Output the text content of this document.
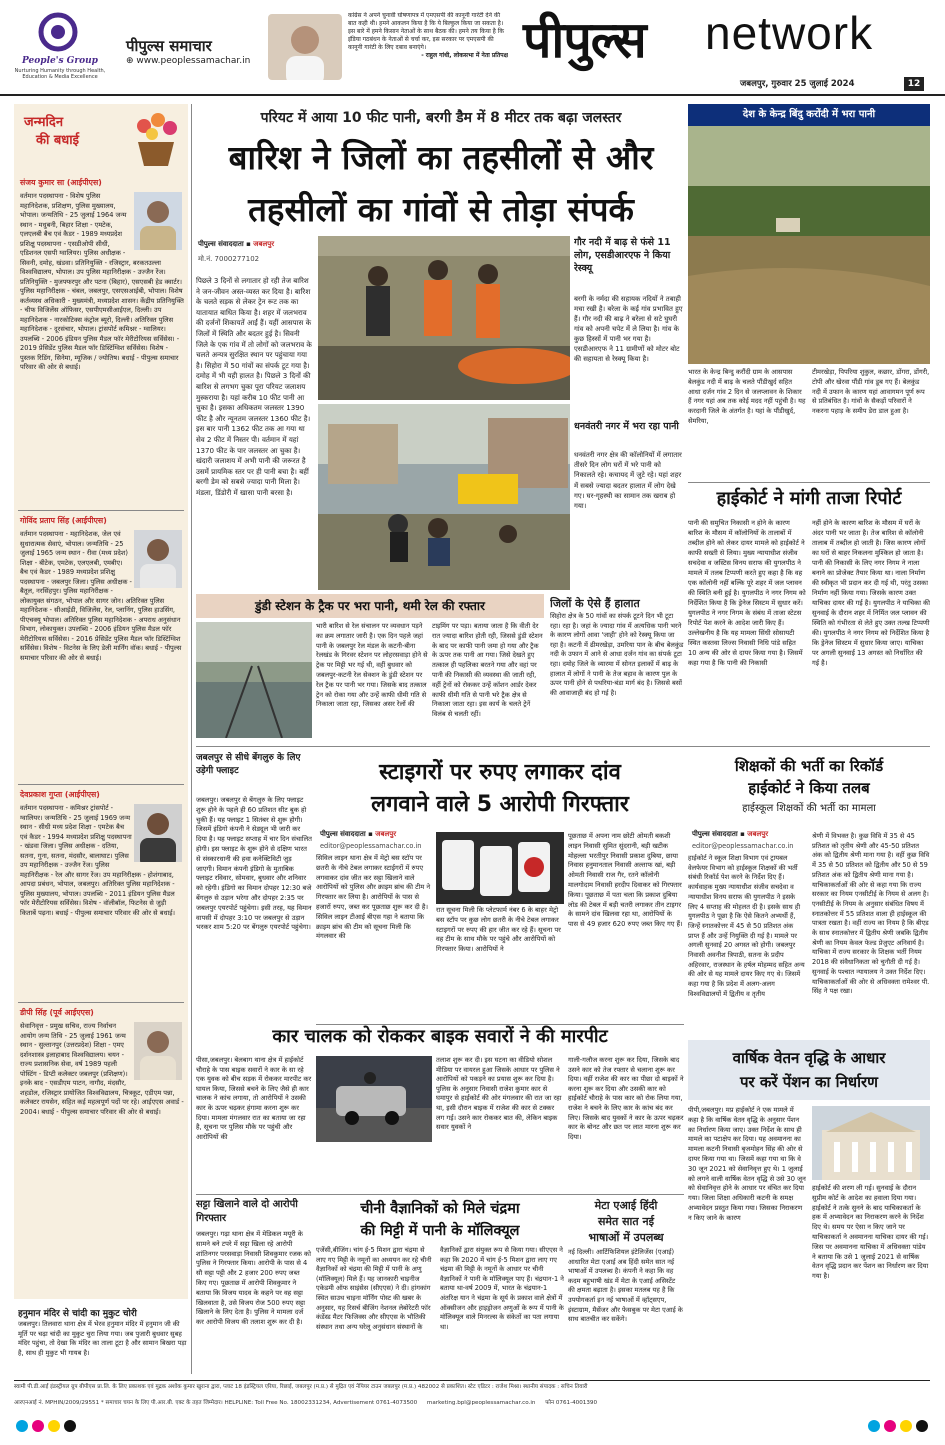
People's Group
Nurturing Humanity through Health, Education & Media Excellence
पीपुल्स समाचार
⊕ www.peoplessamachar.in
कांग्रेस ने अपने चुनावी घोषणापत्र में एमएसपी की कानूनी गारंटी देने की बात कही थी। हमने आकलन किया है कि ये बिल्कुल किया जा सकता है। इस बारे में हमने किसान नेताओं के साथ बैठक की। हमने तय किया है कि इंडिया गठबंधन के नेताओं से चर्चा कर, इस सरकार पर एमएसपी की कानूनी गारंटी के लिए दबाव बनाएंगे।
- राहुल गांधी, लोकसभा में नेता प्रतिपक्ष पीपुल्स network
जबलपुर, गुरुवार 25 जुलाई 2024	12
जन्मदिन
की बधाई
संजय कुमार सा (आईपीएस)
वर्तमान पदस्थापना - विशेष पुलिस महानिदेशक, प्रशिक्षण, पुलिस मुख्यालय, भोपाल। जन्मतिथि - 25 जुलाई 1964 जन्म स्थान - मधुबनी, बिहार शिक्षा - एमटेक, एलएलबी बैच एवं कैडर - 1989 मध्यप्रदेश प्रशिक्षु पदस्थापना - एसडीओपी सीधी, एडिशनल एसपी ग्वालियर। पुलिस अधीक्षक - सिवनी, दमोह, खंडवा। प्रतिनियुक्ति - रजिस्ट्रार, बरकतउल्ला विश्वविद्यालय, भोपाल। उप पुलिस महानिरीक्षक - उज्जैन रेंज। प्रतिनियुक्ति - मुजफ्फरपुर और पटना (बिहार), एसएसबी हेड क्वार्टर। पुलिस महानिरीक्षक - चंबल, जबलपुर, एसएसआईबी, भोपाल। विशेष कर्तव्यस्थ अधिकारी - मुख्यमंत्री, मध्यप्रदेश शासन। केंद्रीय प्रतिनियुक्ति - चीफ विजिलेंस ऑफिसर, एसपीएमसीआईएल, दिल्ली। उप महानिदेशक - नारकोटिक्स कंट्रोल ब्यूरो, दिल्ली। अतिरिक्त पुलिस महानिदेशक - दूरसंचार, भोपाल। ट्रांसपोर्ट कमिश्नर - ग्वालियर। उपलब्धि - 2006 इंडियन पुलिस मैडल फॉर मेरीटोरियस सर्विसेस। - 2019 प्रेसिडेंट पुलिस मैडल फॉर डिस्टिंग्विश सर्विसेस। विशेष - पुस्तक रिडिंग, सिनेमा, म्यूजिक / ज्योतिष। बधाई - पीपुल्स समाचार परिवार की ओर से बधाई।
गोविंद प्रताप सिंह (आईपीएस)
वर्तमान पदस्थापना - महानिदेशक, जेल एवं सुधारात्मक सेवाएं, भोपाल। जन्मतिथि - 25 जुलाई 1965 जन्म स्थान - रीवा (मध्य प्रदेश) शिक्षा - बीटेक, एमटेक, एलएलबी, एमबीए। बैच एवं कैडर - 1989 मध्यप्रदेश प्रशिक्षु पदस्थापना - जबलपुर जिला। पुलिस अधीक्षक - बैतूल, नरसिंहपुर। पुलिस महानिरीक्षक - लोकायुक्त संगठन, भोपाल और सागर जोन। अतिरिक्त पुलिस महानिदेशक - सीआईडी, विजिलेंस, रेल, प्लानिंग, पुलिस हाउसिंग, पीएचक्यू भोपाल। अतिरिक्त पुलिस महानिदेशक - अपराध अनुसंधान विभाग, लोकायुक्त। उपलब्धि - 2006 इंडियन पुलिस मैडल फॉर मेरीटोरियस सर्विसेस। - 2016 प्रेसिडेंट पुलिस मैडल फॉर डिस्टिंग्विश सर्विसेस। विशेष - विटनेस के लिए डेली मार्निंग वॉक। बधाई - पीपुल्स समाचार परिवार की ओर से बधाई।
देवप्रकाश गुप्ता (आईपीएस)
वर्तमान पदस्थापना - कमिश्नर ट्रांसपोर्ट - ग्वालियर। जन्मतिथि - 25 जुलाई 1969 जन्म स्थान - सीधी मध्य प्रदेश शिक्षा - एमटेक बैच एवं कैडर - 1994 मध्यप्रदेश प्रशिक्षु पदस्थापना - खंडवा जिला। पुलिस अधीक्षक - दतिया, सतना, गुना, सतना, मंदसौर, बालाघाट। पुलिस उप महानिरीक्षक - उज्जैन रेंज। पुलिस महानिरीक्षक - रेल और सागर रेंज। उप महानिरीक्षक - होशंगाबाद, आपदा प्रबंधन, भोपाल, जबलपुर। अतिरिक्त पुलिस महानिदेशक - पुलिस मुख्यालय, भोपाल। उपलब्धि - 2011 इंडियन पुलिस मैडल फॉर मेरीटोरियस सर्विसेस। विशेष - वॉलीबॉल, फिटनेस से जुड़ी किताबें पढ़ना। बधाई - पीपुल्स समाचार परिवार की ओर से बधाई।
डीपी सिंह (पूर्व आईएएस)
सेवानिवृत्त - प्रमुख सचिव, राज्य निर्वाचन आयोग जन्म तिथि - 25 जुलाई 1961 जन्म स्थान - सुल्तानपुर (उत्तरप्रदेश) शिक्षा - एमए दर्शनशास्त्र इलाहाबाद विश्वविद्यालय। चयन - राज्य प्रशासनिक सेवा, वर्ष 1989 पहली पोस्टिंग - डिप्टी कलेक्टर जबलपुर (प्रशिक्षण)। इनके बाद - एसडीएम पाटन, नागौद, मंदसौर, शहडोल, रजिस्ट्रार प्रायोजित विश्वविद्यालय, चित्रकूट, एडीएम पन्ना, कलेक्टर रायसेन, सहित कई महत्वपूर्ण पदों पर रहे। आईएएस अवार्ड - 2004। बधाई - पीपुल्स समाचार परिवार की ओर से बधाई।
हनुमान मंदिर से चांदी का मुकुट चोरी
जबलपुर। तिलवारा थाना क्षेत्र में भेरव हनुमान मंदिर में हनुमान जी की मूर्ति पर चढ़ा चांदी का मुकुट चुरा लिया गया। जब पुजारी बुधवार सुबह मंदिर पहुंचा, तो देखा कि मंदिर का ताला टूटा है और सामान बिखरा पड़ा है, साथ ही मुकुट भी गायब है।
परियट में आया 10 फीट पानी, बरगी डैम में 8 मीटर तक बढ़ा जलस्तर
बारिश ने जिलों का तहसीलों से और
तहसीलों का गांवों से तोड़ा संपर्क
पीपुल्स संवाददाता ▪ जबलपुर
मो.नं. 7000277102
पिछले 3 दिनों से लगातार हो रही तेज बारिश ने जन-जीवन अस्त-व्यस्त कर दिया है। बारिश के चलते सड़क से लेकर ट्रेन रूट तक का यातायात बाधित किया है। शहर में जलभराव की दर्जनों शिकायतें आईं हैं। यहीं आसपास के जिलों में स्थिति और बदतर हुई है। सिवनी जिले के एक गांव में तो लोगों को जलभराव के चलते अन्यत्र सुरक्षित स्थान पर पहुंचाया गया है। सिहोरा में 50 गांवों का संपर्क टूट गया है। दमोह में भी यही हालत है। पिछले 3 दिनों की बारिश से लगभग चुका पूरा परियट जलाशय मुस्कराया है। यहां करीब 10 फीट पानी आ चुका है। इसका अधिकतम जलस्तर 1390 फीट है और न्यूनतम जलस्तर 1360 फीट है। इस बार पानी 1362 फीट तक आ गया था सेव 2 फीट में निस्तर पी। वर्तमान में यहां 1370 फीट के पार जलस्तर आ चुका है। खंदारी जलाशय में अभी पानी की जरूरत है उसमें प्रायमिक स्तर पर ही पानी बचा है। बहीं बरगी डेम को सबसे ज्यादा पानी मिला है। मंडला, डिंडोरी में खासा पानी बरसा है।
गौर नदी में बाढ़ से फंसे 11 लोग, एसडीआरएफ ने किया रेस्क्यू
बरगी के नर्मदा की सहायक नदियों ने तबाही मचा रखी है। बरेला के कई गांव प्रभावित हुए हैं। गौर नदी की बाढ़ ने बरेला से सटे घुघरी गांव को अपनी चपेट में ले लिया है। गांव के कुछ हिस्सों में पानी भर गया है। एसडीआरएफ ने 11 ग्रामीणों को मोटर बोट की सहायता से रेस्क्यू किया है।
धनवंतरी नगर में भरा रहा पानी
धनवंतरी नगर क्षेत्र की कॉलोनियों में लगातार तीसरे दिन लोग घरों में भरे पानी को निकालते रहे। कचायद में जुटे रहे। यहां शहर में सबसे ज्यादा बदतर हालात में लोग देखे गए। घर-गृहस्थी का सामान तक खराब हो गया।
देश के केन्द्र बिंदु करोंदी में भरा पानी
भारत के केन्द्र बिन्दु करौंदी ग्राम के आसपास बेलकुंड नदी में बाढ़ के चलते पौंडीखुर्द सहित आधा दर्जन गांव 2 दिन से जलप्लावन के शिकार हैं नगर यहां अब तक कोई मदद नहीं पहुंची है। यह करदानी जिले के अंतर्गत है। यहां के पौंडीखुर्द, सेमरिया,
टीमरखेड़ा, पिपरिया शुकुल, कछार, डोंगरा, डोंगरी, टोपी और खेरवा पौंडी गांव डूब गए हैं। बेलकुंड नदी में उफान के कारण यहां आवागमन पूर्ण रूप से प्रतिबंधित है। गांवों के सैकड़ों परिवारों ने नकरना पहाड़ के समीप डेरा डाल हुआ है।
हाईकोर्ट ने मांगी ताजा रिपोर्ट
पानी की समुचित निकासी न होने के कारण बारिश के मौसम में कॉलोनियों के तालाबों में तब्दील होने को लेकर दायर मामले को हाईकोर्ट ने काफी सख्ती से लिया। मुख्य न्यायाधीश संजीव सचदेवा व जस्टिस विनय सराफ की युगलपीठ ने मामले में तलब टिप्पणी करते हुए कहा है कि वह एक कॉलोनी नहीं बल्कि पूरे शहर में जल प्लावन की स्थिति बनी हुई है। युगलपीठ ने नगर निगम को निर्देशित किया है कि ड्रेनेज सिस्टम में सुधार करें। युगलपीठ ने नगर निगम के संबंध में ताजा स्टेटस रिपोर्ट पेश करने के आदेश जारी किए हैं। उल्लेखनीय है कि यह मामला सिंधी सोसायटी स्थित कस्तवा लिज्स निवासी निधि पांडे सहित 10 अन्य की ओर से दायर किया गया है। जिसमें कहा गया है कि पानी की निकासी
नहीं होने के कारण बारिश के मौसम में घरों के अंदर पानी भर जाता है। तेज बारिश से कॉलोनी तालाब में तब्दील हो जाती है। जिस कारण लोगों का घरों से बाहर निकलना मुश्किल हो जाता है। पानी की निकासी के लिए नगर निगम ने नाला बनाने का प्रोजेक्ट तैयार किया था। नाला निर्माण की स्वीकृत भी प्रदान कर दी गई थी, परंतु उसका निर्माण नहीं किया गया। जिसके कारण उक्त याचिका दायर की गई है। युगलपीठ ने याचिका की सुनवाई के दौरान शहर में निर्मित जल प्लावन की स्थिति को गंभीरता से लेते हुए उक्त तल्ख टिप्पणी की। युगलपीठ ने नगर निगम को निर्देशित किया है कि ड्रेनेज सिस्टम में सुधार किया जाए। याचिका पर अगली सुनवाई 13 अगस्त को निर्धारित की गई है।
डुंडी स्टेशन के ट्रैक पर भरा पानी, थमी रेल की रफ्तार
भारी बारिश से रेल संचालन पर व्यवधान पड़ने का क्रम लगातार जारी है। एक दिन पहले जहां पानी के जबलपुर रेल मंडल के कटनी-बीना रेलखंड के गिरवर स्टेशन पर लोहरसवाड़ा होने से ट्रेक पर मिट्टी भर गई थी, वहीं बुधवार को जबलपुर-कटनी रेल सेक्शन के डुंडी स्टेशन पर रेल ट्रैक पर पानी भर गया। जिसके बाद तत्काल ट्रेन को रोका गया और उन्हें काफी धीमी गति से निकाला जाता रहा, जिसका असर रेलों की
टाइमिंग पर पड़ा। बताया जाता है कि वीती देर रात ज्यादा बारिश होती रही, जिससे डुंडी स्टेशन के बाद पर काफी पानी जमा हो गया और ट्रैक के ऊपर तक पानी आ गया। जिसे देखते हुए तत्काल ही पहलिका बरतने गया और वहां पर पानी की निकासी की व्यवस्था की जाती रही, वहीं ट्रेनों को रोककर उन्हें कॉशन आर्डर देकर काफी धीमी गति से पानी भरे ट्रैक क्षेत्र से निकाला जाता रहा। इस कार्य के चलते ट्रेनें विलंब से चलती रहीं।
जिलों के ऐसे हैं हालात
सिहोरा क्षेत्र के 50 गांवों का संपर्क टूटने दिन भी टूटा रहा। रहा है। जहां के ज्यादा गांव में अत्यधिक पानी भरने के कारण लोगों आवा 'जाही' होने को रेस्क्यू किया जा रहा है। कटनी में ढीमरखेड़ा, उमरिया पान के बीच बेलकुंड नदी के उफान में आने से आधा दर्जन गांव का संपर्क टूटा रहा। दमोह जिले के व्यारमा में सोनत इलाकों में बाढ़ के हालात में लोगों ने पानी के तेज बहाव के कारण पुल के ऊपर पानी होने से पथरिया-बंडा मार्ग बंद है। जिससे बसों की आवाजाही बंद हो गई है।
जबलपुर से सीधे बेंगलुरु के लिए उड़ेगी फ्लाइट
जबलपुर। जबलपुर से बेंगलुरु के लिए फ्लाइट शुरू होने के पहले ही 60 प्रतिशत सीट बुक हो चुकी हैं। यह फ्लाइट 1 सितंबर से शुरू होगी। जिसमें इंडिगो कंपनी ने सेड्यूल भी जारी कर दिया है। यह फ्लाइट सप्ताह में चार दिन संचालित होगी। इस फ्लाइट के शुरू होने से दक्षिण भारत से संस्कारधानी की हवा कनेक्टिविटी जुड़ जाएगी। विमान कंपनी इंडिगो के मुताबिक फ्लाइट रविवार, सोमवार, बुधवार और शनिवार को रहेगी। इंडिगो का विमान दोपहर 12:30 बजे बेंगलुरु से उड़ान भरेगा और दोपहर 2:35 पर जबलपुर एयरपोर्ट पहुंचेगा। इसी तरह, यह विमान वापसी में दोपहर 3:10 पर जबलपुर से उड़ान भरकर शाम 5:20 पर बेंगलुरु एयरपोर्ट पहुंचेगा।
स्टाइगरों पर रुपए लगाकर दांव
लगवाने वाले 5 आरोपी गिरफ्तार
पीपुल्स संवाददाता ▪ जबलपुर
editor@peoplessamachar.co.in
सिविल लाइन थाना क्षेत्र में मेट्रो बस स्टॉप पर छतरी के नीचे टेबल लगाकर स्टाईगरों में रुपए लगवाकर दांव जीत कर सट्टा खिलाने वाले आरोपियों को पुलिस और क्राइम ब्रांच की टीम ने गिरफ्तार कर लिया है। आरोपियों के पास से हजारों रुपए, जब्त कर पूछताछ शुरू कर दी है। सिविल लाइन टीआई बीएस गहा ने बताया कि क्राइम ब्रांच की टीम को सूचना मिली कि मंगलवार की
रात सूचना मिली कि प्लेटफार्म नंबर 6 के बाहर मेट्रो बस स्टॉप पर कुछ लोग छतरी के नीचे टेबल लगाकर स्टाइगरों पर रुपए की हार जीत कर रहे हैं। सूचना पर वह टीम के साथ मौके पर पहुंचे और आरोपियों को गिरफ्तार किया। आरोपियों ने
पूछताछ में अपना नाम छोटी ओमती बकशी लाइन निवासी सुमित सुंदरानी, बड़ी खटीक मोहल्ला भरतीपुर निवासी प्रकाश दुबिया, छाया निवास हनुमानताल निवासी अल्ताफ खां, बड़ी ओमती निवासी राज गैर, रतने कॉलोनी मालगोदाम निवासी हरदीप दिवाकर को गिरफ्तार किया। पूछताछ में पता चला कि प्रकाश दुबिया लोड की टेबल में बड़ी चतरी लगाकर तीन टाइगर के सामने दांव खिलवा रहा था, आरोपियों के पास से 49 हजार 620 रुपए जब्त किए गए हैं।
शिक्षकों की भर्ती का रिकॉर्ड
हाईकोर्ट ने किया तलब
हाईस्कूल शिक्षकों की भर्ती का मामला
पीपुल्स संवाददाता ▪ जबलपुर
editor@peoplessamachar.co.in
हाईकोर्ट ने स्कूल शिक्षा विभाग एवं ट्रायबल वेलफेयर विभाग को हाईस्कूल शिक्षकों की भर्ती संबंधी रिकॉर्ड पेश करने के निर्देश दिए हैं। कार्यवाहक मुख्य न्यायाधीश संजीव सचदेवा व न्यायाधीश विनय सराफ की युगलपीठ ने इसके लिए 4 सप्ताह की मोहलत दी है। इसके साथ ही युगलपीठ ने पूछा है कि ऐसे कितने अभ्यर्थी हैं, जिन्हें स्नातकोत्तर में 45 से 50 प्रतिशत अंक प्राप्त हैं और उन्हें नियुक्ति दी गई है। मामले पर अगली सुनवाई 20 अगस्त को होगी। जबलपुर निवासी अवनीश त्रिपाठी, सतना के प्रदीप अहिरवार, राजस्थान के हर्षल मोहम्मद सहित अन्य की ओर से यह मामले दायर किए गए थे। जिसमें कहा गया है कि प्रदेश में अलग-अलग विश्वविद्यालयों में द्वितीय व तृतीय
श्रेणी में विभक्त है। कुछ विवि में 35 से 45 प्रतिशत को तृतीय श्रेणी और 45-50 प्रतिशत अंक को द्वितीय श्रेणी माना गया है। वहीं कुछ विवि में 35 से 50 प्रतिशत को द्वितीय और 50 से 59 प्रतिशत अंक को द्वितीय श्रेणी माना गया है। याचिकाकर्ताओं की ओर से कहा गया कि राज्य सरकार का नियम एनसीटीई के नियम से अलग है। एनसीटीई के नियम के अनुसार संबंधित विषय में स्नातकोत्तर में 55 प्रतिशत वाला ही हाईस्कूल की पात्रता रखता है। वहीं राज्य का नियम है कि बीएड के साथ स्नातकोत्तर में द्वितीय श्रेणी जबकि द्वितीय श्रेणी का नियम केवल फेल्ड प्रेजुएट अनिवार्य है। याचिका में राज्य सरकार के शिक्षक भर्ती नियम 2018 की संवैधानिकता को चुनौती दी गई है। सुनवाई के पश्चात न्यायालय ने उक्त निर्देश दिए। याचिकाकर्ताओं की ओर से अधिवक्ता रामेश्वर पी. सिंह ने पक्ष रखा।
कार चालक को रोककर बाइक सवारों ने की मारपीट
पीसा,जबलपुर। बेलबाग थाना क्षेत्र में हाईकोर्ट चौराहे के पास बाइक सवारों ने कार के सा रहे एक युवक को बीच सड़क में रोककर मारपीट कर घायल किया, जिससे बचने के लिए जैसे ही कार चालक ने कांच लगाया, तो आरोपियों ने उसकी कार के ऊपर चढ़कर हंगामा करना शुरू कर दिया। मामला मंगलवार रात का बताया जा रहा है, सूचना पर पुलिस मौके पर पहुंची और आरोपियों की
तलाश शुरू कर दी। इस घटना का वीडियो सोशल मीडिया पर वायरल हुआ जिसके आधार पर पुलिस ने आरोपियों को पकड़ने का प्रयास शुरू कर दिया है। पुलिस के अनुसार निवासी राजेश कुमार कार से घमापुर से हाईकोर्ट की ओर मंगलवार की रात जा रहा था, इसी दौरान बाइक में राजेश की कार से टक्कर लग गई। उसने कार रोककर बात की, लेकिन बाइक सवार युवकों ने
गाली-गलौज करना शुरू कर दिया, जिसके बाद उसने कार को तेज रफ्तार से चलाना शुरू कर दिया। वहीं राजेश की कार का पीछा दो बाइकों ने करना शुरू कर दिया और उसकी कार को हाईकोर्ट चौराहे के पास कार को रोक लिया गया, राजेश ने बचने के लिए कार के कांच बंद कर लिए। जिसके बाद युवकों ने कार के ऊपर चढ़कर कार के बोनट और छत पर लात मारना शुरू कर दिया।
वार्षिक वेतन वृद्धि के आधार
पर करें पेंशन का निर्धारण
पीपी,जबलपुर। मप्र हाईकोर्ट ने एक मामले में कहा है कि वार्षिक वेतन वृद्धि के अनुसार पेंशन का निर्धारण किया जाए। उक्त निर्देश के साथ ही मामले का पटाक्षेप कर दिया। यह अवमानना का मामला कटनी निवासी बृजमोहन सिंह की ओर से दायर किया गया था। जिसमें कहा गया था कि वे 30 जून 2021 को सेवानिवृत्त हुए थे। 1 जुलाई को लगने वाली वार्षिक वेतन वृद्धि से उसे 30 जून को सेवानिवृत्त होने के आधार पर वंचित कर दिया गया। जिला शिक्षा अधिकारी कटनी के समक्ष अभ्यावेदन प्रस्तुत किया गया। जिसका निराकरण न किए जाने के कारण
हाईकोर्ट की शरण ली गई। सुनवाई के दौरान सुप्रीम कोर्ट के आदेश का हवाला दिया गया। हाईकोर्ट ने तत्के सुनने के बाद याचिकाकर्ता के हक में अभ्यावेदन का निराकरण करने के निर्देश दिए थे। समय पर ऐसा न किए जाने पर याचिकाकर्ता ने अवमानना याचिका दायर की गई। जिस पर अवमानना याचिका में अधिवक्ता पांडेय ने बताया कि उसे 1 जुलाई 2021 से वार्षिक वेतन वृद्धि प्रदान कर पेंशन का निर्धारण कर दिया गया है।
सट्टा खिलाने वाले दो आरोपी गिरफ्तार
जबलपुर। गढ़ा थाना क्षेत्र में मेडिकल मयूरी के सामने बने टपरे में सट्टा खिला रहे आरोपी शांतिनगर परसवाड़ा निवासी शिवकुमार रजक को पुलिस ने गिरफ्तार किया। आरोपी के पास से 4 सौ सट्टा पट्टी और 2 हजार 200 रुपए जब्त किए गए। पूछताछ में आरोपी शिवकुमार ने बताया कि विजय यादव के कहने पर वह सट्टा खिलवाता है, उसे विजय रोज 500 रुपए सट्टा खिलाने के लिए देता है। पुलिस ने मामला दर्ज कर आरोपी विजय की तलाश शुरू कर दी है।
चीनी वैज्ञानिकों को मिले चंद्रमा
की मिट्टी में पानी के मॉलिक्यूल
एजेंसी,बीजिंग। चांग ई-5 मिशन द्वारा चंद्रमा से लाए गए मिट्टी के नमूनों का अध्ययन कर रहे चीनी वैज्ञानिकों को चंद्रमा की मिट्टी में पानी के अणु (मॉलिक्यूल) मिले हैं। यह जानकारी चाइनीज एकेडमी ऑफ साइंसेस (सीएएस) ने दी। हांगकांग स्थित साउथ चाइना मॉर्निंग पोस्ट की खबर के अनुसार, यह रिसर्च बीजिंग नेशनल लेबोरेटरी फॉर कंडेंस्ड मैटर फिजिक्स और सीएएस के भौतिकी संस्थान तथा अन्य घरेलू अनुसंधान संस्थानों के
वैज्ञानिकों द्वारा संयुक्त रूप से किया गया। सीएएस ने कहा कि 2020 में चांग ई-5 मिशन द्वारा लाए गए चंद्रमा की मिट्टी के नमूनों के आधार पर चीनी वैज्ञानिकों ने पानी के मॉलिक्यूल पाए हैं। चंद्रयान-1 ने बताया था-वर्ष 2009 में, भारत के चंद्रयान-1 अंतरिक्ष यान ने चंद्रमा के सूर्य के प्रकाश वाले क्षेत्रों में ऑक्सीजन और हाइड्रोजन अणुओं के रूप में पानी के मॉलिक्यूल वाले मिनरल्स के संकेतों का पता लगाया था।
मेटा एआई हिंदी
समेत सात नई
भाषाओं में उपलब्ध
नई दिल्ली। आर्टिफिशियल इंटेलिजेंस (एआई) आधारित मेटा एआई अब हिंदी समेत सात नई भाषाओं में उपलब्ध है। कंपनी ने कहा कि वह कदम बहुभाषी खंड में मेटा के एआई असिस्टेंट की क्षमता बढ़ाता है। इसका मतलब यह है कि उपयोगकर्ता इन नई भाषाओं में व्हॉट्सएप, इंस्टाग्राम, मैसेंजर और फेसबुक पर मेटा एआई के साथ बातचीत कर सकेंगे।
स्वामी पी.डी.आई इंडस्ट्रीयल ग्रुप बीपीएस प्रा.लि. के लिए प्रकाशक एवं मुद्रक अशोक कुमार खुराना द्वारा, प्लाट 18 इंडस्ट्रियल एरिया, रिछाई, जबलपुर (म.प्र.) से मुद्रित एवं नेपियर टाउन जबलपुर (म.प्र.) 482002 से प्रकाशित। स्टेट एडिटर : राजेश मिश्रा। स्थानीय संपादक : सचिन तिवारी
आरएनआई नं. MPHIN/2009/29551 * समाचार चयन के लिए पी.आर.बी. एक्ट के तहत जिम्मेदार। HELPLINE: Toll Free No. 18002331234, Advertisement 0761-4073500 marketing.bpl@peoplessamachar.co.in फोन 0761-4001390
